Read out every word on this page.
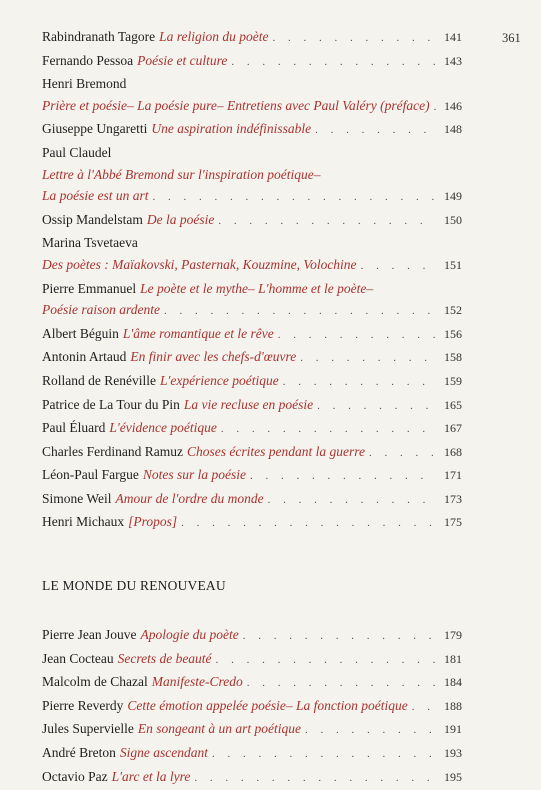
361
Rabindranath Tagore La religion du poète . . .	141
Fernando Pessoa Poésie et culture . . .	143
Henri Bremond
Prière et poésie– La poésie pure– Entretiens avec Paul Valéry (préface) . . . 146
Giuseppe Ungaretti Une aspiration indéfinissable . . .	148
Paul Claudel
Lettre à l'Abbé Bremond sur l'inspiration poétique–
La poésie est un art . . .	149
Ossip Mandelstam De la poésie . . .	150
Marina Tsvetaeva
Des poètes : Maïakovski, Pasternak, Kouzmine, Volochine . . .	151
Pierre Emmanuel Le poète et le mythe– L'homme et le poète–
Poésie raison ardente . . .	152
Albert Béguin L'âme romantique et le rêve . . .	156
Antonin Artaud En finir avec les chefs-d'œuvre . . .	158
Rolland de Renéville L'expérience poétique . . .	159
Patrice de La Tour du Pin La vie recluse en poésie . . .	165
Paul Éluard L'évidence poétique . . .	167
Charles Ferdinand Ramuz Choses écrites pendant la guerre . . .	168
Léon-Paul Fargue Notes sur la poésie . . .	171
Simone Weil Amour de l'ordre du monde . . .	173
Henri Michaux [Propos] . . .	175
LE MONDE DU RENOUVEAU
Pierre Jean Jouve Apologie du poète . . .	179
Jean Cocteau Secrets de beauté . . .	181
Malcolm de Chazal Manifeste-Credo . . .	184
Pierre Reverdy Cette émotion appelée poésie– La fonction poétique . . .	188
Jules Supervielle En songeant à un art poétique . . .	191
André Breton Signe ascendant . . .	193
Octavio Paz L'arc et la lyre . . .	195
